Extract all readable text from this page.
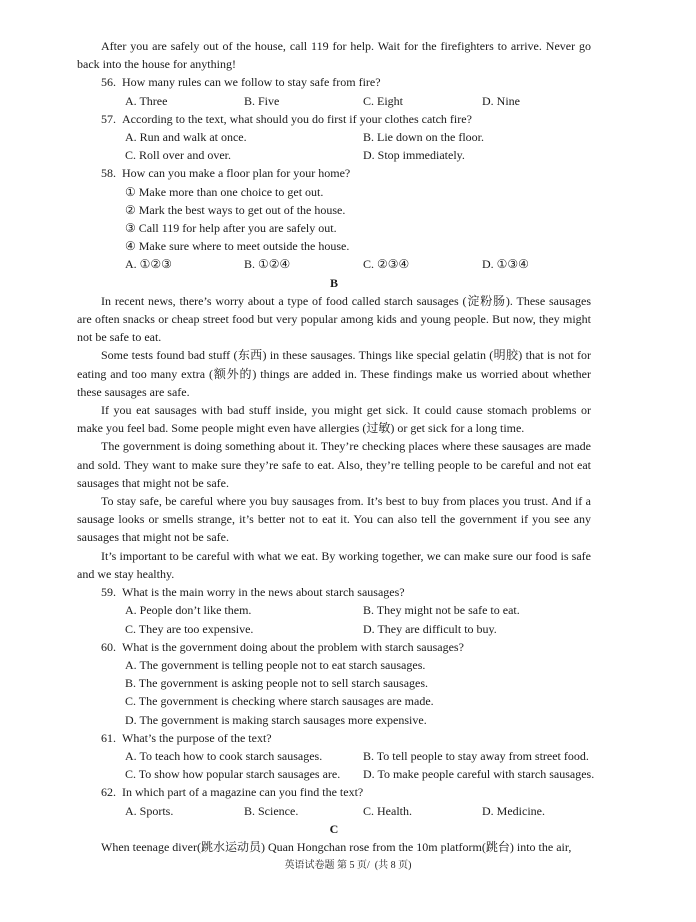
After you are safely out of the house, call 119 for help. Wait for the firefighters to arrive. Never go back into the house for anything!

56.  How many rules can we follow to stay safe from fire?

A. Three	B. Five	C. Eight	D. Nine

57.  According to the text, what should you do first if your clothes catch fire?

A. Run and walk at once.	B. Lie down on the floor.
C. Roll over and over.	D. Stop immediately.

58.  How can you make a floor plan for your home?

① Make more than one choice to get out.
② Mark the best ways to get out of the house.
③ Call 119 for help after you are safely out.
④ Make sure where to meet outside the house.
A. ①②③	B. ①②④	C. ②③④	D. ①③④

B

In recent news, there’s worry about a type of food called starch sausages (淀粉肠). These sausages are often snacks or cheap street food but very popular among kids and young people. But now, they might not be safe to eat.

Some tests found bad stuff (东西) in these sausages. Things like special gelatin (明胶) that is not for eating and too many extra (额外的) things are added in. These findings make us worried about whether these sausages are safe.

If you eat sausages with bad stuff inside, you might get sick. It could cause stomach problems or make you feel bad. Some people might even have allergies (过敏) or get sick for a long time.

The government is doing something about it. They’re checking places where these sausages are made and sold. They want to make sure they’re safe to eat. Also, they’re telling people to be careful and not eat sausages that might not be safe.

To stay safe, be careful where you buy sausages from. It’s best to buy from places you trust. And if a sausage looks or smells strange, it’s better not to eat it. You can also tell the government if you see any sausages that might not be safe.

It’s important to be careful with what we eat. By working together, we can make sure our food is safe and we stay healthy.

59.  What is the main worry in the news about starch sausages?

A. People don’t like them.	B. They might not be safe to eat.
C. They are too expensive.	D. They are difficult to buy.

60.  What is the government doing about the problem with starch sausages?

A. The government is telling people not to eat starch sausages.
B. The government is asking people not to sell starch sausages.
C. The government is checking where starch sausages are made.
D. The government is making starch sausages more expensive.

61.  What’s the purpose of the text?

A. To teach how to cook starch sausages.	B. To tell people to stay away from street food.
C. To show how popular starch sausages are.	D. To make people careful with starch sausages.

62.  In which part of a magazine can you find the text?

A. Sports.	B. Science.	C. Health.	D. Medicine.

C

When teenage diver(跳水运动员) Quan Hongchan rose from the 10m platform(跳台) into the air,

英语试卷题 第 5 页/  (共 8 页)
